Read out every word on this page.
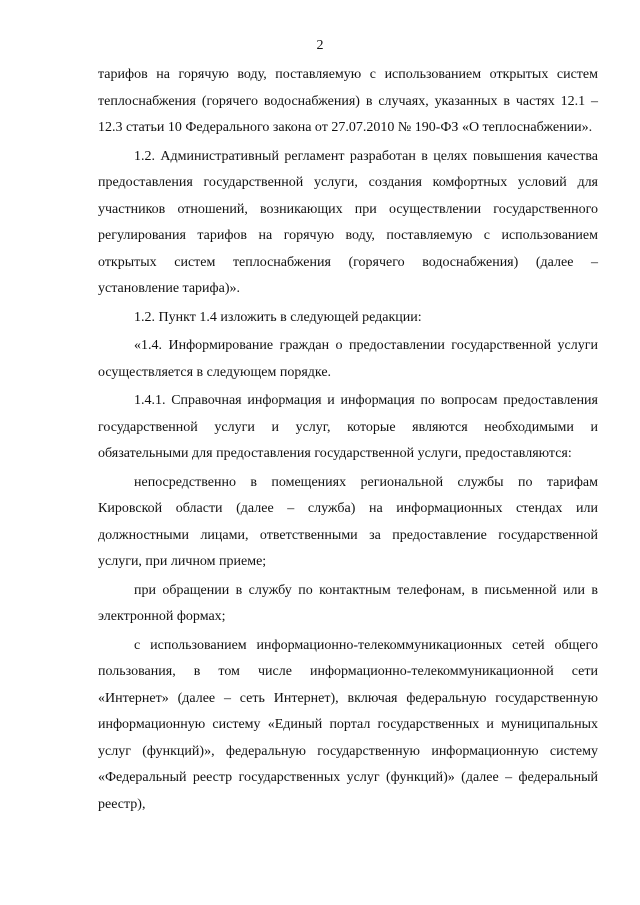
2

тарифов на горячую воду, поставляемую с использованием открытых систем теплоснабжения (горячего водоснабжения) в случаях, указанных в частях 12.1 – 12.3 статьи 10 Федерального закона от 27.07.2010 № 190-ФЗ «О теплоснабжении».

1.2. Административный регламент разработан в целях повышения качества предоставления государственной услуги, создания комфортных условий для участников отношений, возникающих при осуществлении государственного регулирования тарифов на горячую воду, поставляемую с использованием открытых систем теплоснабжения (горячего водоснабжения) (далее – установление тарифа)».

1.2. Пункт 1.4 изложить в следующей редакции:

«1.4. Информирование граждан о предоставлении государственной услуги осуществляется в следующем порядке.

1.4.1. Справочная информация и информация по вопросам предоставления государственной услуги и услуг, которые являются необходимыми и обязательными для предоставления государственной услуги, предоставляются:

непосредственно в помещениях региональной службы по тарифам Кировской области (далее – служба) на информационных стендах или должностными лицами, ответственными за предоставление государственной услуги, при личном приеме;

при обращении в службу по контактным телефонам, в письменной или в электронной формах;

с использованием информационно-телекоммуникационных сетей общего пользования, в том числе информационно-телекоммуникационной сети «Интернет» (далее – сеть Интернет), включая федеральную государственную информационную систему «Единый портал государственных и муниципальных услуг (функций)», федеральную государственную информационную систему «Федеральный реестр государственных услуг (функций)» (далее – федеральный реестр),
